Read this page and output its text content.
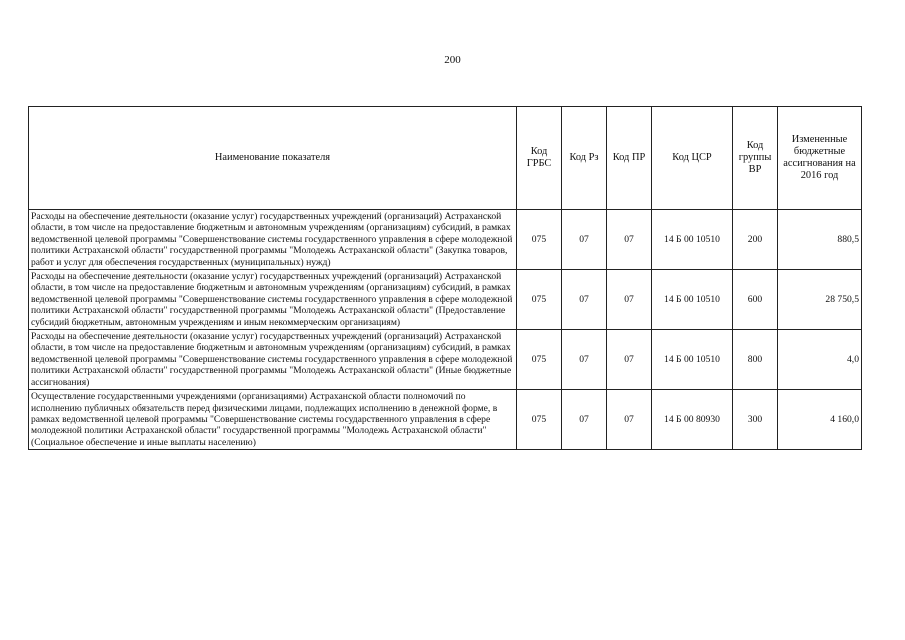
200
Наименование показателя	Код ГРБС	Код Рз	Код ПР	Код ЦСР	Код группы ВР	Измененные бюджетные ассигнования на 2016 год
Расходы на обеспечение деятельности (оказание услуг) государственных учреждений (организаций) Астраханской области, в том числе на предоставление бюджетным и автономным учреждениям (организациям) субсидий, в рамках ведомственной целевой программы "Совершенствование системы государственного управления в сфере молодежной политики Астраханской области" государственной программы "Молодежь Астраханской области" (Закупка товаров, работ и услуг для обеспечения государственных (муниципальных) нужд)	075	07	07	14 Б 00 10510	200	880,5
Расходы на обеспечение деятельности (оказание услуг) государственных учреждений (организаций) Астраханской области, в том числе на предоставление бюджетным и автономным учреждениям (организациям) субсидий, в рамках ведомственной целевой программы "Совершенствование системы государственного управления в сфере молодежной политики Астраханской области" государственной программы "Молодежь Астраханской области" (Предоставление субсидий бюджетным, автономным учреждениям и иным некоммерческим организациям)	075	07	07	14 Б 00 10510	600	28 750,5
Расходы на обеспечение деятельности (оказание услуг) государственных учреждений (организаций) Астраханской области, в том числе на предоставление бюджетным и автономным учреждениям (организациям) субсидий, в рамках ведомственной целевой программы "Совершенствование системы государственного управления в сфере молодежной политики Астраханской области" государственной программы "Молодежь Астраханской области" (Иные бюджетные ассигнования)	075	07	07	14 Б 00 10510	800	4,0
Осуществление государственными учреждениями (организациями) Астраханской области полномочий по исполнению публичных обязательств перед физическими лицами, подлежащих исполнению в денежной форме, в рамках ведомственной целевой программы "Совершенствование системы государственного управления в сфере молодежной политики Астраханской области" государственной программы "Молодежь Астраханской области" (Социальное обеспечение и иные выплаты населению)	075	07	07	14 Б 00 80930	300	4 160,0
